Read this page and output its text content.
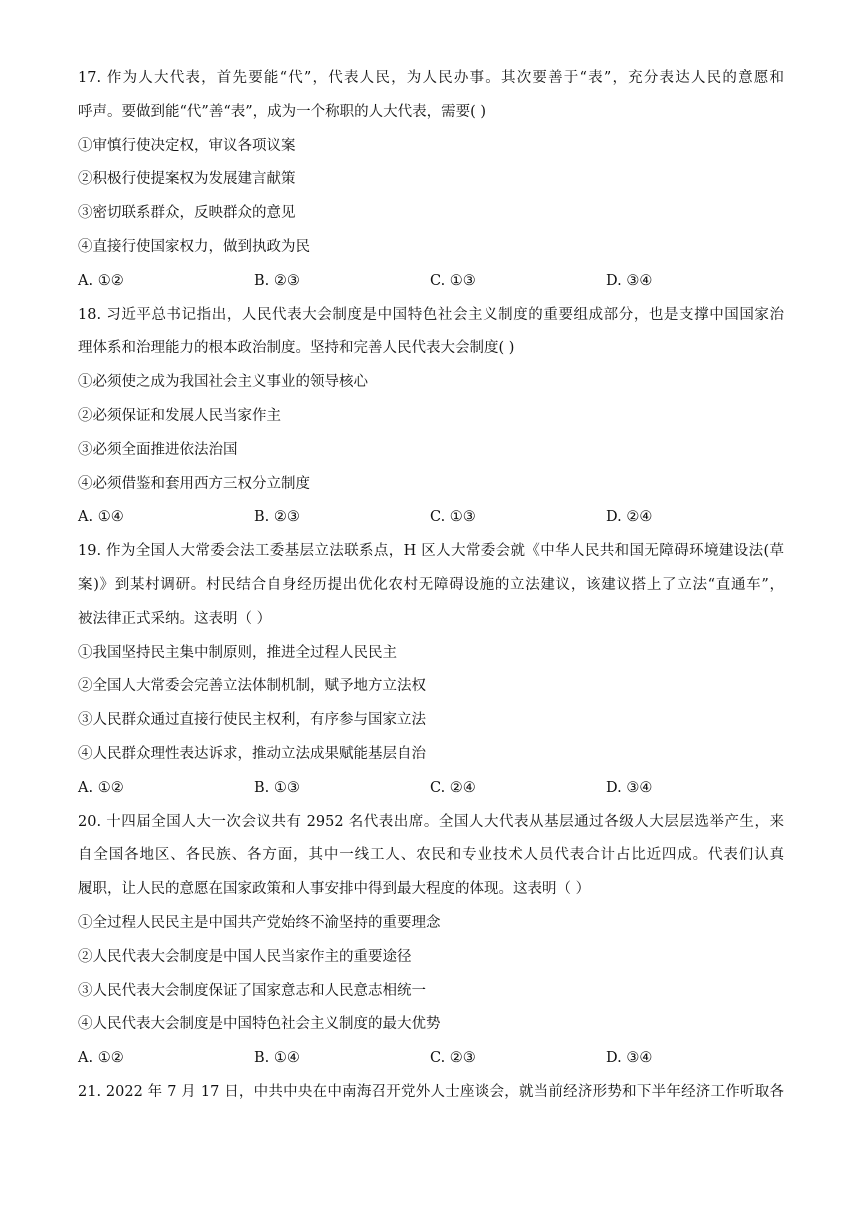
17. 作为人大代表，首先要能“代”，代表人民，为人民办事。其次要善于“表”，充分表达人民的意愿和
呼声。要做到能“代”善“表”，成为一个称职的人大代表，需要( )
①审慎行使决定权，审议各项议案
②积极行使提案权为发展建言献策
③密切联系群众，反映群众的意见
④直接行使国家权力，做到执政为民
A. ①②	B. ②③	C. ①③	D. ③④
18. 习近平总书记指出，人民代表大会制度是中国特色社会主义制度的重要组成部分，也是支撑中国国家治
理体系和治理能力的根本政治制度。坚持和完善人民代表大会制度( )
①必须使之成为我国社会主义事业的领导核心
②必须保证和发展人民当家作主
③必须全面推进依法治国
④必须借鉴和套用西方三权分立制度
A. ①④	B. ②③	C. ①③	D. ②④
19. 作为全国人大常委会法工委基层立法联系点，H 区人大常委会就《中华人民共和国无障碍环境建设法(草
案)》到某村调研。村民结合自身经历提出优化农村无障碍设施的立法建议，该建议搭上了立法“直通车”，
被法律正式采纳。这表明（ ）
①我国坚持民主集中制原则，推进全过程人民民主
②全国人大常委会完善立法体制机制，赋予地方立法权
③人民群众通过直接行使民主权利，有序参与国家立法
④人民群众理性表达诉求，推动立法成果赋能基层自治
A. ①②	B. ①③	C. ②④	D. ③④
20. 十四届全国人大一次会议共有 2952 名代表出席。全国人大代表从基层通过各级人大层层选举产生，来
自全国各地区、各民族、各方面，其中一线工人、农民和专业技术人员代表合计占比近四成。代表们认真
履职，让人民的意愿在国家政策和人事安排中得到最大程度的体现。这表明（ ）
①全过程人民民主是中国共产党始终不渝坚持的重要理念
②人民代表大会制度是中国人民当家作主的重要途径
③人民代表大会制度保证了国家意志和人民意志相统一
④人民代表大会制度是中国特色社会主义制度的最大优势
A. ①②	B. ①④	C. ②③	D. ③④
21. 2022 年 7 月 17 日，中共中央在中南海召开党外人士座谈会，就当前经济形势和下半年经济工作听取各
